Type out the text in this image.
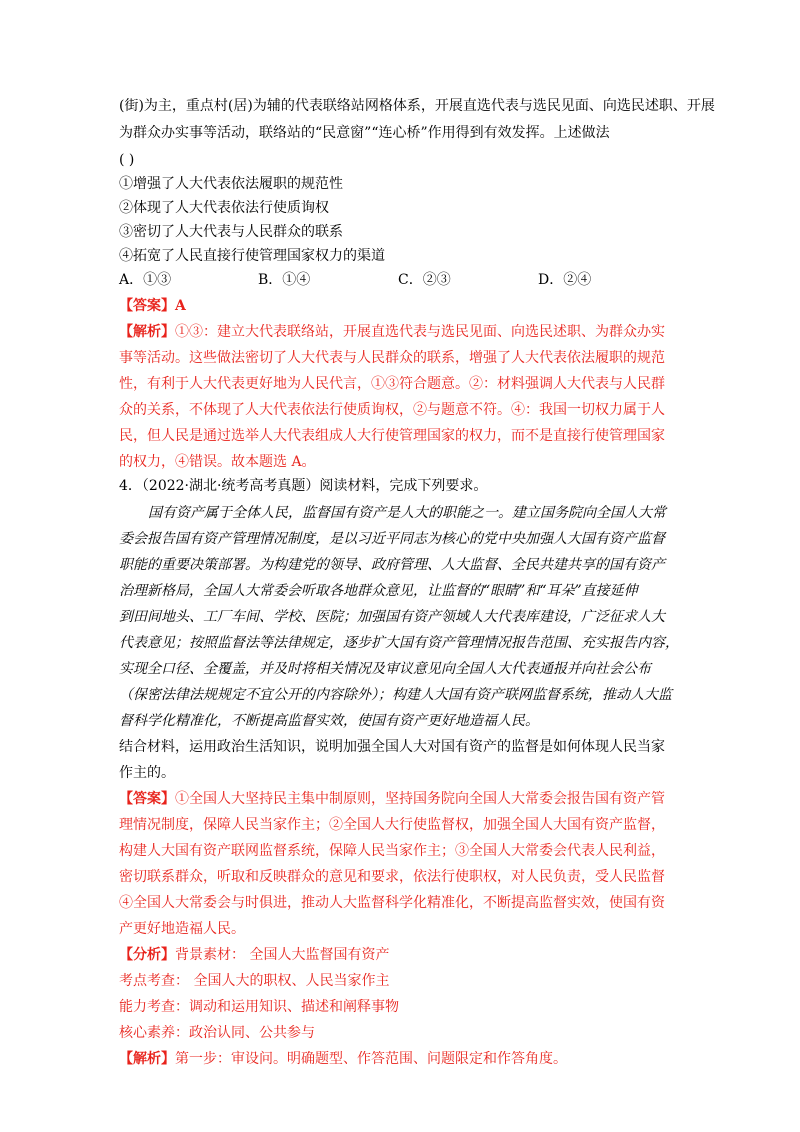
(街)为主，重点村(居)为辅的代表联络站网格体系，开展直选代表与选民见面、向选民述职、开展
为群众办实事等活动，联络站的“民意窗”“连心桥”作用得到有效发挥。上述做法
( )
①增强了人大代表依法履职的规范性
②体现了人大代表依法行使质询权
③密切了人大代表与人民群众的联系
④拓宽了人民直接行使管理国家权力的渠道
A．①③	B．①④	C．②③	D．②④
【答案】A
【解析】①③：建立大代表联络站，开展直选代表与选民见面、向选民述职、为群众办实
事等活动。这些做法密切了人大代表与人民群众的联系，增强了人大代表依法履职的规范
性，有利于人大代表更好地为人民代言，①③符合题意。②：材料强调人大代表与人民群
众的关系，不体现了人大代表依法行使质询权，②与题意不符。④：我国一切权力属于人
民，但人民是通过选举人大代表组成人大行使管理国家的权力，而不是直接行使管理国家
的权力，④错误。故本题选 A。
4．（2022·湖北·统考高考真题）阅读材料，完成下列要求。
国有资产属于全体人民，监督国有资产是人大的职能之一。建立国务院向全国人大常
委会报告国有资产管理情况制度，是以习近平同志为核心的党中央加强人大国有资产监督
职能的重要决策部署。为构建党的领导、政府管理、人大监督、全民共建共享的国有资产
治理新格局，全国人大常委会听取各地群众意见，让监督的“眼睛”和“耳朵”直接延伸
到田间地头、工厂车间、学校、医院；加强国有资产领域人大代表库建设，广泛征求人大
代表意见；按照监督法等法律规定，逐步扩大国有资产管理情况报告范围、充实报告内容，
实现全口径、全覆盖，并及时将相关情况及审议意见向全国人大代表通报并向社会公布
（保密法律法规规定不宜公开的内容除外）；构建人大国有资产联网监督系统，推动人大监
督科学化精准化，不断提高监督实效，使国有资产更好地造福人民。
结合材料，运用政治生活知识，说明加强全国人大对国有资产的监督是如何体现人民当家
作主的。
【答案】①全国人大坚持民主集中制原则，坚持国务院向全国人大常委会报告国有资产管
理情况制度，保障人民当家作主；②全国人大行使监督权，加强全国人大国有资产监督，
构建人大国有资产联网监督系统，保障人民当家作主；③全国人大常委会代表人民利益，
密切联系群众，听取和反映群众的意见和要求，依法行使职权，对人民负责，受人民监督
④全国人大常委会与时俱进，推动人大监督科学化精准化，不断提高监督实效，使国有资
产更好地造福人民。
【分析】背景素材： 全国人大监督国有资产
考点考查： 全国人大的职权、人民当家作主
能力考查：调动和运用知识、描述和阐释事物
核心素养：政治认同、公共参与
【解析】第一步：审设问。明确题型、作答范围、问题限定和作答角度。
